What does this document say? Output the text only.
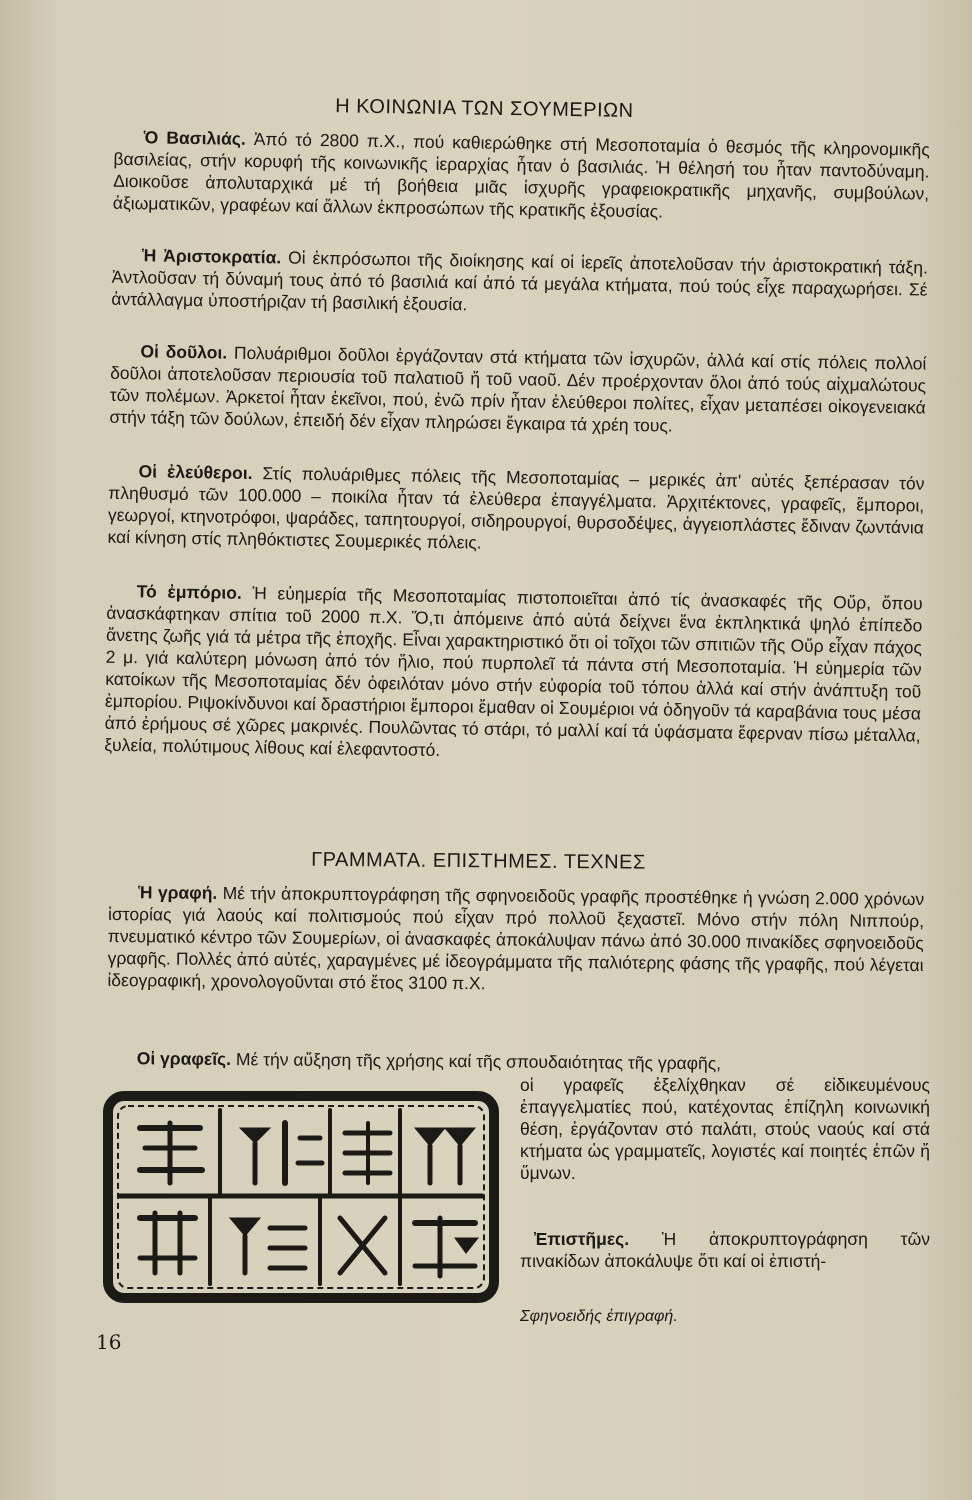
Η ΚΟΙΝΩΝΙΑ ΤΩΝ ΣΟΥΜΕΡΙΩΝ
Ὁ Βασιλιάς. Ἀπό τό 2800 π.Χ., πού καθιερώθηκε στή Μεσοποταμία ὁ θεσμός τῆς κληρονομικῆς βασιλείας, στήν κορυφή τῆς κοινωνικῆς ἱεραρχίας ἦταν ὁ βασιλιάς. Ἡ θέλησή του ἦταν παντοδύναμη. Διοικοῦσε ἀπολυταρχικά μέ τή βοήθεια μιᾶς ἰσχυρῆς γραφειοκρατικῆς μηχανῆς, συμβούλων, ἀξιωματικῶν, γραφέων καί ἄλλων ἐκπροσώπων τῆς κρατικῆς ἐξουσίας.
Ἡ Ἀριστοκρατία. Οἱ ἐκπρόσωποι τῆς διοίκησης καί οἱ ἱερεῖς ἀποτελοῦσαν τήν ἀριστοκρατική τάξη. Ἀντλοῦσαν τή δύναμή τους ἀπό τό βασιλιά καί ἀπό τά μεγάλα κτήματα, πού τούς εἶχε παραχωρήσει. Σέ ἀντάλλαγμα ὑποστήριζαν τή βασιλική ἐξουσία.
Οἱ δοῦλοι. Πολυάριθμοι δοῦλοι ἐργάζονταν στά κτήματα τῶν ἰσχυρῶν, ἀλλά καί στίς πόλεις πολλοί δοῦλοι ἀποτελοῦσαν περιουσία τοῦ παλατιοῦ ἤ τοῦ ναοῦ. Δέν προέρχονταν ὅλοι ἀπό τούς αἰχμαλώτους τῶν πολέμων. Ἀρκετοί ἦταν ἐκεῖνοι, πού, ἐνῶ πρίν ἦταν ἐλεύθεροι πολίτες, εἶχαν μεταπέσει οἰκογενειακά στήν τάξη τῶν δούλων, ἐπειδή δέν εἶχαν πληρώσει ἔγκαιρα τά χρέη τους.
Οἱ ἐλεύθεροι. Στίς πολυάριθμες πόλεις τῆς Μεσοποταμίας – μερικές ἀπ' αὐτές ξεπέρασαν τόν πληθυσμό τῶν 100.000 – ποικίλα ἦταν τά ἐλεύθερα ἐπαγγέλματα. Ἀρχιτέκτονες, γραφεῖς, ἔμποροι, γεωργοί, κτηνοτρόφοι, ψαράδες, ταπητουργοί, σιδηρουργοί, θυρσοδέψες, ἀγγειοπλάστες ἔδιναν ζωντάνια καί κίνηση στίς πληθόκτιστες Σουμερικές πόλεις.
Τό ἐμπόριο. Ἡ εὐημερία τῆς Μεσοποταμίας πιστοποιεῖται ἀπό τίς ἀνασκαφές τῆς Οὔρ, ὅπου ἀνασκάφτηκαν σπίτια τοῦ 2000 π.Χ. Ὅ,τι ἀπόμεινε ἀπό αὐτά δείχνει ἕνα ἐκπληκτικά ψηλό ἐπίπεδο ἄνετης ζωῆς γιά τά μέτρα τῆς ἐποχῆς. Εἶναι χαρακτηριστικό ὅτι οἱ τοῖχοι τῶν σπιτιῶν τῆς Οὔρ εἶχαν πάχος 2 μ. γιά καλύτερη μόνωση ἀπό τόν ἥλιο, πού πυρπολεῖ τά πάντα στή Μεσοποταμία. Ἡ εὐημερία τῶν κατοίκων τῆς Μεσοποταμίας δέν ὀφειλόταν μόνο στήν εὐφορία τοῦ τόπου ἀλλά καί στήν ἀνάπτυξη τοῦ ἐμπορίου. Ριψοκίνδυνοι καί δραστήριοι ἔμποροι ἔμαθαν οἱ Σουμέριοι νά ὁδηγοῦν τά καραβάνια τους μέσα ἀπό ἐρήμους σέ χῶρες μακρινές. Πουλῶντας τό στάρι, τό μαλλί καί τά ὑφάσματα ἔφερναν πίσω μέταλλα, ξυλεία, πολύτιμους λίθους καί ἐλεφαντοστό.
ΓΡΑΜΜΑΤΑ. ΕΠΙΣΤΗΜΕΣ. ΤΕΧΝΕΣ
Ἡ γραφή. Μέ τήν ἀποκρυπτογράφηση τῆς σφηνοειδοῦς γραφῆς προστέθηκε ἡ γνώση 2.000 χρόνων ἱστορίας γιά λαούς καί πολιτισμούς πού εἶχαν πρό πολλοῦ ξεχαστεῖ. Μόνο στήν πόλη Νιππούρ, πνευματικό κέντρο τῶν Σουμερίων, οἱ ἀνασκαφές ἀποκάλυψαν πάνω ἀπό 30.000 πινακίδες σφηνοειδοῦς γραφῆς. Πολλές ἀπό αὐτές, χαραγμένες μέ ἰδεογράμματα τῆς παλιότερης φάσης τῆς γραφῆς, πού λέγεται ἰδεογραφική, χρονολογοῦνται στό ἔτος 3100 π.Χ.
Οἱ γραφεῖς. Μέ τήν αὔξηση τῆς χρήσης καί τῆς σπουδαιότητας τῆς γραφῆς,
οἱ γραφεῖς ἐξελίχθηκαν σέ εἰδικευμένους ἐπαγγελματίες πού, κατέχοντας ἐπίζηλη κοινωνική θέση, ἐργάζονταν στό παλάτι, στούς ναούς καί στά κτήματα ὡς γραμματεῖς, λογιστές καί ποιητές ἐπῶν ἤ ὕμνων.
Ἐπιστῆμες. Ἡ ἀποκρυπτογράφηση τῶν πινακίδων ἀποκάλυψε ὅτι καί οἱ ἐπιστή-
Σφηνοειδής ἐπιγραφή.
16
